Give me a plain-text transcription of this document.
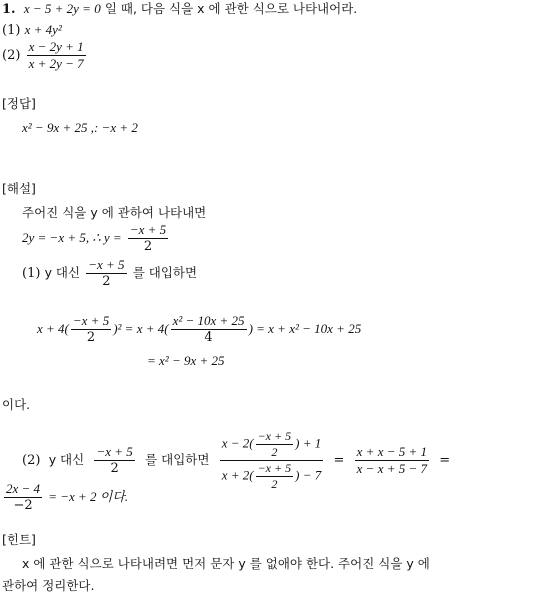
1. x − 5 + 2y = 0 일 때, 다음 식을 x 에 관한 식으로 나타내어라.
(1) x + 4y²
$(2) \frac{x - 2y + 1}{x + 2y - 7}$
[정답]
x² − 9x + 25 ,: −x + 2
[해설]
주어진 식을 y 에 관하여 나타내면
2y = −x + 5, ∴ $y = \frac{-x + 5}{2}$
(1) y 대신 $\frac{-x + 5}{2}$ 를 대입하면
$x + 4( \frac{-x + 5}{2} )^2 = x + 4( \frac{\text{x² − 10x + 25}}{4}$ ) = x + x² − 10x + 25
= x² − 9x + 25
이다.
(2) y 대신 $\frac{-x + 5}{2}$ 를 대입하면 $\frac{x - 2( \frac{-x + 5}{2} ) + 1}{x + 2( \frac{-x + 5}{2} ) - 7} = \frac{x + x - 5 + 1}{x - x + 5 - 7}$ =
$\frac{2x - 4}{-2} = -x + 2$ 이다.
[힌트]
x 에 관한 식으로 나타내려면 먼저 문자 y 를 없애야 한다. 주어진 식을 y 에
관하여 정리한다.
